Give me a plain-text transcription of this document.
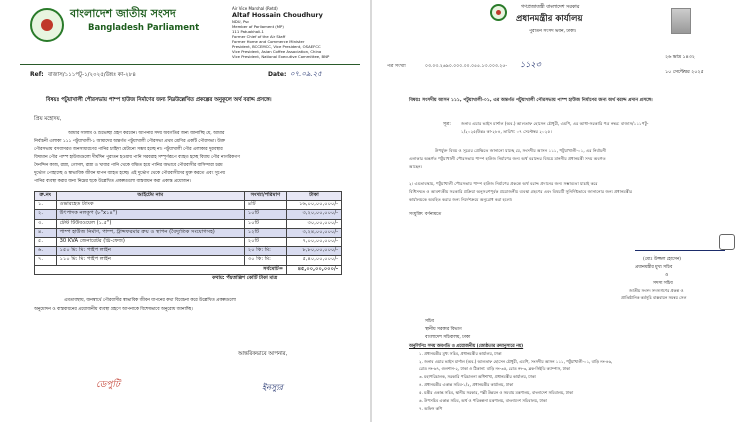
বাংলাদেশ জাতীয় সংসদ
Bangladesh Parliament
Air Vice Marshal (Retd)
Altaf Hossain Choudhury
NDU, Psc
Member of Parliament (MP)
111 Patuakhali-1
Former Chief of the Air Staff
Former Home and Commerce Minister
President, BCCEMCC, Vice President, OSAEFCC
Vice President, Asian Coffee Association, China
Vice President, National Executive Committee, BNP
Ref: বাজাস/১১১পটু-১/২০২৫/উন্নঃ কা-২৮৪	Date: ০৭.০৯.২৫
বিষয়ঃ পটুয়াখালী পৌরসভায় পাম্প হাউজ নির্মাণের জন্য নিম্নউল্লেখিত প্রকল্পের অনুকূলে অর্থ বরাদ্দ প্রসঙ্গে।
প্রিয় মহোদয়,
আমার সালাম ও শুভেচ্ছা গ্রহণ করবেন। আপনার সদয় অবগতির জন্য জানাচ্ছি যে, আমার
নির্বাচনী এলাকা ১১১ পটুয়াখালী-১ আমাদের অন্তর্গত পটুয়াখালী পৌরসভা প্রথম শ্রেণির একটি পৌরসভা। উক্ত
পৌরসভায় বসবাসরত জনসাধারণের পানির চাহিদা মেটানো সম্ভব হচ্ছে না। পটুয়াখালী পৌর এলাকার দুরবস্থার
বিদ্যমান পৌর পাম্প হাউজগুলো দীর্ঘদিন পুরাতন হওয়ায় পানি সরবরাহ সম্পূর্ণরূপে ব্যাহত হচ্ছে বিধায় পৌর নাগরিকগণ
দৈনন্দিন কাজ, রান্না, গোসল, রান্না ও খাবার পানি থেকে বঞ্চিত হয়ে পানির অভাবে পৌরবাসীর বাসিন্দারা চরম
দুর্ভোগ পোহাচ্ছে ও স্বাভাবিক জীবন যাপন ব্যাহত হচ্ছে। এই দুর্ভোগ থেকে পৌরবাসীদের মুক্ত করতে এবং সুপেয়
পানির ব্যবস্থা করার জন্য নিম্নের ছকে উল্লেখিত প্রকল্পগুলো বাস্তবায়ন করা একান্ত প্রয়োজন।
ক্র.নং	আইটেম নাম	সংখ্যা/পরিমাণ	টাকা
১.	ওভারহেড ট্যাংক	৪টি	১৬,০০,০০,০০০/-
২.	উৎপাদক নলকূপ (৮"x১৪")	১০টি	৩,২০,০০,০০০/-
৩.	টেস্ট টিউবওয়েল (১.৫")	১০টি	৩০,০০,০০০/-
৪.	পাম্প হাউজ নির্মাণ, পাম্প, ট্রান্সফরমার ক্রয় ও স্থাপন (বৈদ্যুতিক সংযোগসহ)	১২টি	৩,২৪,০০,০০০/-
৫.	30 KVA জেনারেটর (থ্রি-ফেজ)	২০টি	৭,০০,০০,০০০/-
৬.	১৫০ মি: মি: পাইপ লাইন	২০ কি: মি:	৮,৮০,০০,০০০/-
৭.	১১০ মি: মি: পাইপ লাইন	৩০ কি: মি:	৫,৪০,০০,০০০/-
সর্বমোট=			৪৫,০০,০০,০০০/-
কথায়: পঁয়তাল্লিশ কোটি টাকা মাত্র
এমতাবস্থায়, জনস্বার্থে পৌরবাসীর স্বাভাবিক জীবন যাপনের কথা বিবেচনা করে উল্লেখিত প্রকল্পগুলো
অনুমোদন ও বাস্তবায়নের প্রয়োজনীয় ব্যবস্থা গ্রহণে আপনাকে বিশেষভাবে অনুরোধ জানাচ্ছি।
আন্তরিকভাবে আপনার,
ডেপুটি	ইনস্যুর
গণপ্রজাতন্ত্রী বাংলাদেশ সরকার
প্রধানমন্ত্রীর কার্যালয়
পুরাতন সংসদ ভবন, ঢাকা।
পত্র সংখ্যা	০৩.০৩.২৬৯০.০০০.০০.০৫৫.১৩.০০৩.২৫- ১১২৩
২৬ ভাদ্র ১৪৩২
১০ সেপ্টেম্বর ২০২৫
বিষয়ঃ সংসদীয় আসন ১১১, পটুয়াখালী-০১, এর অন্তর্গত পটুয়াখালী পৌরসভায় পাম্প হাউজ নির্মাণের জন্য অর্থ বরাদ্দ প্রদান প্রসঙ্গে।
সূত্র: জনাব এয়ার ভাইস মার্শাল (অব.) আলতাফ হোসেন চৌধুরী, এমপি, এর আধা-সরকারি পত্র নম্বর: বাজাস/১১১পটু-
১/২০২৫/উন্নঃ কা-২৮৪, তারিখ: ০৭ সেপ্টেম্বর ২০২৫।
উপর্যুক্ত বিষয় ও সূত্রের প্রেক্ষিতে জানানো যাচ্ছে যে, সংসদীয় আসন ১১১, পটুয়াখালী-০১, এর নির্বাচনী
এলাকার অন্তর্গত পটুয়াখালী পৌরসভায় পাম্প হাউজ নির্মাণের জন্য অর্থ বরাদ্দের বিষয়ে মাননীয় প্রধানমন্ত্রী সদয় অবগত
আছেন।
২। এমতাবস্থায়, পটুয়াখালী পৌরসভায় পাম্প হাউজ নির্মাণের প্রকল্পে অর্থ বরাদ্দ প্রদানের জন্য সম্ভাব্যতা যাচাই করে
বিধিসম্মত ও আবশ্যকীয় সরকারি প্রক্রিয়া অনুসরণপূর্বক প্রয়োজনীয় ব্যবস্থা গ্রহণের এবং বিষয়টি সুনির্দিষ্টভাবে জানানোর জন্য প্রধানমন্ত্রীর
কার্যালয়কে অবহিত করার জন্য নির্দেশক্রমে অনুরোধ করা হলো।
সংযুক্তি: বর্ণনামতে
(মোঃ উজ্জল হোসেন)
প্রধানমন্ত্রীর মুখ্য সচিব
ও
সদস্য সচিব
জাতীয় সংসদ সদস্যগণের প্রকল্প ও
প্রাতিষ্ঠানিক কর্মসূচি বাস্তবায়ন সমন্বয় সেল
সচিব
স্থানীয় সরকার বিভাগ
বাংলাদেশ সচিবালয়, ঢাকা
অনুলিপিঃ সদয় অবগতি ও প্রয়োজনীয় (জ্যেষ্ঠতার ক্রমানুসারে নয়)
১. প্রধানমন্ত্রীর মুখ্য সচিব, প্রধানমন্ত্রীর কার্যালয়, ঢাকা
২. জনাব এয়ার ভাইস মার্শাল (অব.) আলতাফ হোসেন চৌধুরী, এমপি, সংসদীয় আসন ১১১, পটুয়াখালী-০১, বাড়ি নং-৪৬,
রোড নং-৬৭, গুলশান-২, ঢাকা ও ঠিকানা: বাড়ি নং-৩৫, রোড নং-৩, ব্লক-সিইডি ক্যাম্পাস, ঢাকা
৩. মহাপরিচালক, সরকারি পরিচালনা অধিশাখা, প্রধানমন্ত্রীর কার্যালয়, ঢাকা
৪. প্রধানমন্ত্রীর একান্ত সচিব-১/২, প্রধানমন্ত্রীর কার্যালয়, ঢাকা
৫. মন্ত্রীর একান্ত সচিব, স্থানীয় সরকার, পল্লী উন্নয়ন ও সমবায় মন্ত্রণালয়, বাংলাদেশ সচিবালয়, ঢাকা
৬. উপসচিব একান্ত সচিব, অর্থ ও পরিকল্পনা মন্ত্রণালয়, বাংলাদেশ সচিবালয়, ঢাকা
৭. অফিস কপি
